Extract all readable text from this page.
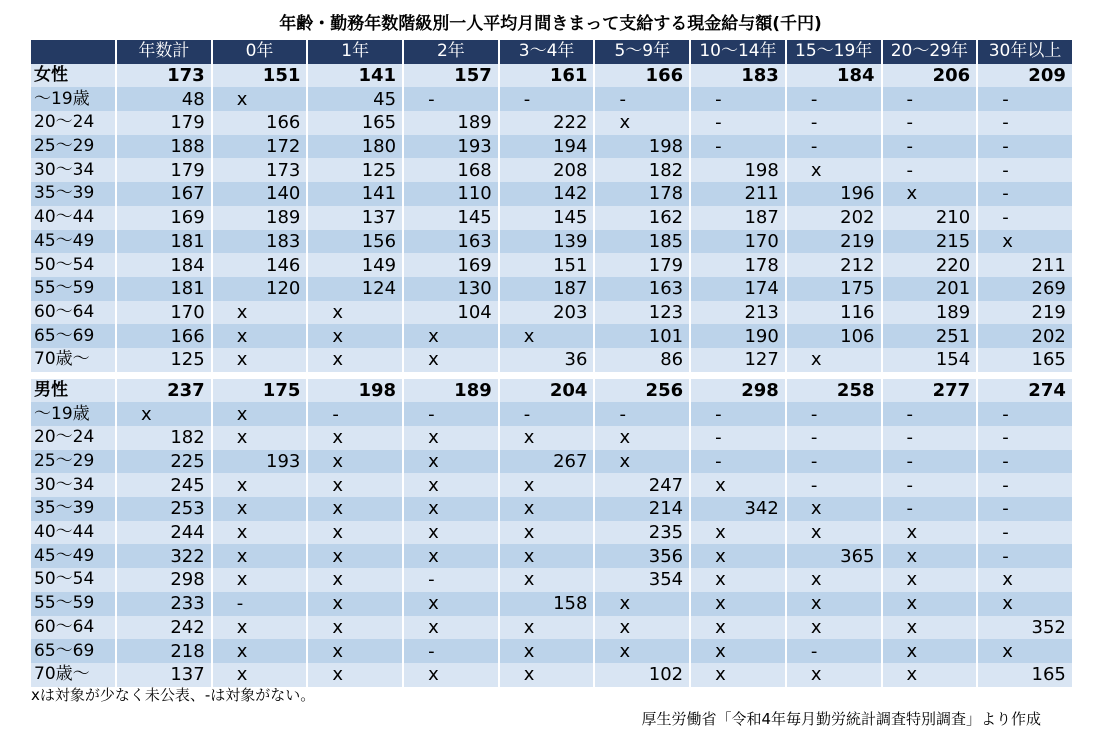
年齢・勤務年数階級別一人平均月間きまって支給する現金給与額(千円)
	年数計	0年	1年	2年	3～4年	5～9年	10～14年	15～19年	20～29年	30年以上
女性	173	151	141	157	161	166	183	184	206	209
～19歳	48	x	45	-	-	-	-	-	-	-
20～24	179	166	165	189	222	x	-	-	-	-
25～29	188	172	180	193	194	198	-	-	-	-
30～34	179	173	125	168	208	182	198	x	-	-
35～39	167	140	141	110	142	178	211	196	x	-
40～44	169	189	137	145	145	162	187	202	210	-
45～49	181	183	156	163	139	185	170	219	215	x
50～54	184	146	149	169	151	179	178	212	220	211
55～59	181	120	124	130	187	163	174	175	201	269
60～64	170	x	x	104	203	123	213	116	189	219
65～69	166	x	x	x	x	101	190	106	251	202
70歳～	125	x	x	x	36	86	127	x	154	165

男性	237	175	198	189	204	256	298	258	277	274
～19歳	x	x	-	-	-	-	-	-	-	-
20～24	182	x	x	x	x	x	-	-	-	-
25～29	225	193	x	x	267	x	-	-	-	-
30～34	245	x	x	x	x	247	x	-	-	-
35～39	253	x	x	x	x	214	342	x	-	-
40～44	244	x	x	x	x	235	x	x	x	-
45～49	322	x	x	x	x	356	x	365	x	-
50～54	298	x	x	-	x	354	x	x	x	x
55～59	233	-	x	x	158	x	x	x	x	x
60～64	242	x	x	x	x	x	x	x	x	352
65～69	218	x	x	-	x	x	x	-	x	x
70歳～	137	x	x	x	x	102	x	x	x	165
xは対象が少なく未公表、-は対象がない。
厚生労働省「令和4年毎月勤労統計調査特別調査」より作成
